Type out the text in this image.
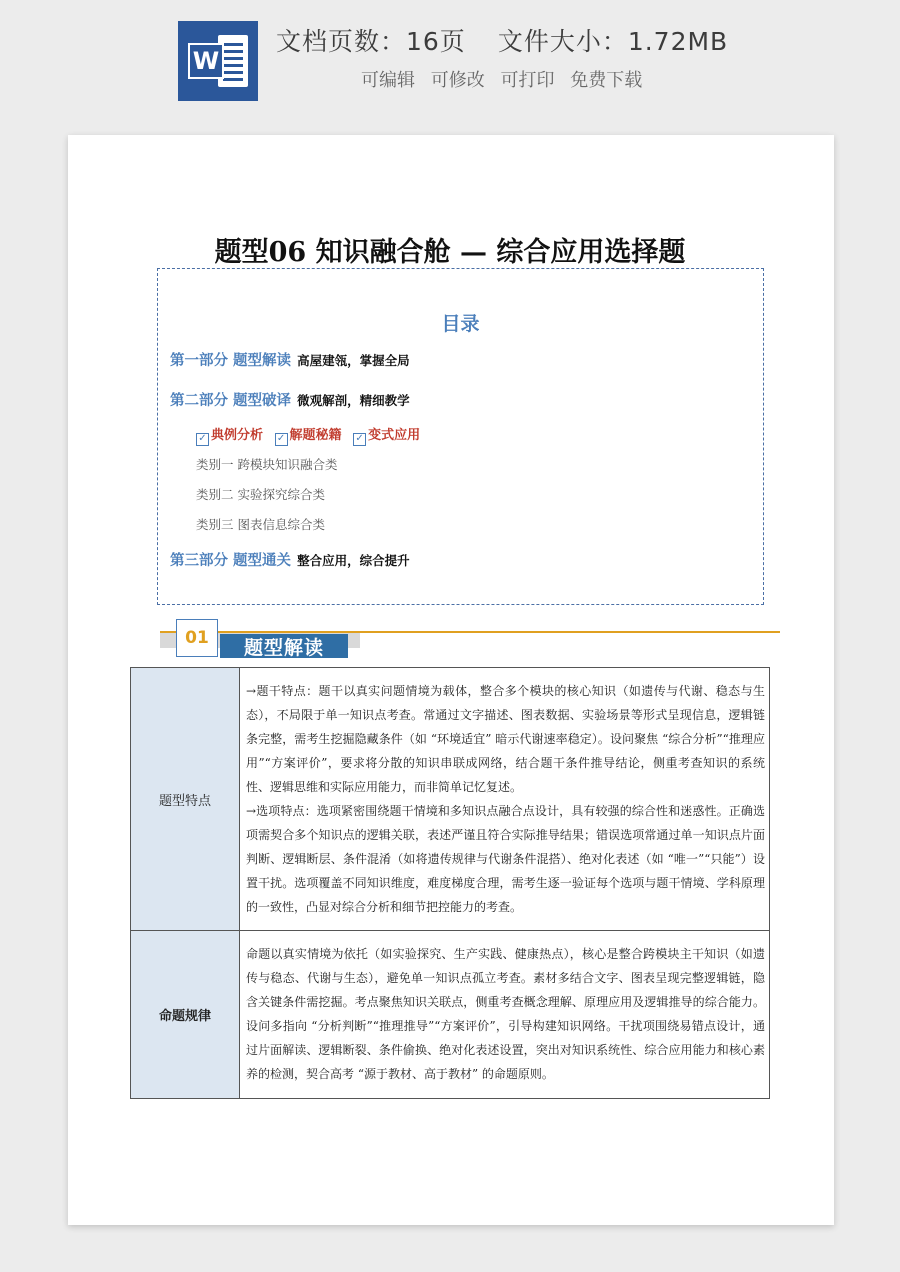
W
文档页数：16页 文件大小：1.72MB
可编辑 可修改 可打印 免费下载
题型06 知识融合舱 — 综合应用选择题
目录
第一部分 题型解读 高屋建瓴，掌握全局
第二部分 题型破译 微观解剖，精细教学
✓ 典例分析 ✓ 解题秘籍 ✓ 变式应用
类别一 跨模块知识融合类
类别二 实验探究综合类
类别三 图表信息综合类
第三部分 题型通关 整合应用，综合提升
01	题型解读
题型特点	→题干特点：题干以真实问题情境为载体，整合多个模块的核心知识（如遗传与代谢、稳态与生态），不局限于单一知识点考查。常通过文字描述、图表数据、实验场景等形式呈现信息，逻辑链条完整，需考生挖掘隐藏条件（如 “环境适宜” 暗示代谢速率稳定）。设问聚焦 “综合分析”“推理应用”“方案评价”，要求将分散的知识串联成网络，结合题干条件推导结论，侧重考查知识的系统性、逻辑思维和实际应用能力，而非简单记忆复述。

→选项特点：选项紧密围绕题干情境和多知识点融合点设计，具有较强的综合性和迷惑性。正确选项需契合多个知识点的逻辑关联，表述严谨且符合实际推导结果；错误选项常通过单一知识点片面判断、逻辑断层、条件混淆（如将遗传规律与代谢条件混搭）、绝对化表述（如 “唯一”“只能”）设置干扰。选项覆盖不同知识维度，难度梯度合理，需考生逐一验证每个选项与题干情境、学科原理的一致性，凸显对综合分析和细节把控能力的考查。

命题规律	命题以真实情境为依托（如实验探究、生产实践、健康热点），核心是整合跨模块主干知识（如遗传与稳态、代谢与生态），避免单一知识点孤立考查。素材多结合文字、图表呈现完整逻辑链，隐含关键条件需挖掘。考点聚焦知识关联点，侧重考查概念理解、原理应用及逻辑推导的综合能力。设问多指向 “分析判断”“推理推导”“方案评价”，引导构建知识网络。干扰项围绕易错点设计，通过片面解读、逻辑断裂、条件偷换、绝对化表述设置，突出对知识系统性、综合应用能力和核心素养的检测，契合高考 “源于教材、高于教材” 的命题原则。
